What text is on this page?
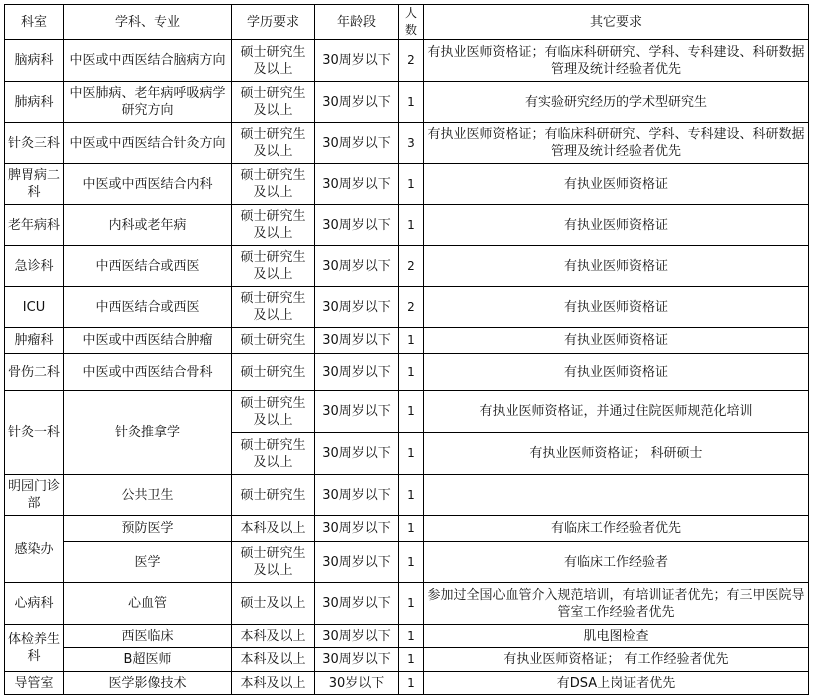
科室	学科、专业	学历要求	年龄段	人数	其它要求
脑病科	中医或中西医结合脑病方向	硕士研究生及以上	30周岁以下	2	有执业医师资格证；有临床科研研究、学科、专科建设、科研数据管理及统计经验者优先
肺病科	中医肺病、老年病呼吸病学研究方向	硕士研究生及以上	30周岁以下	1	有实验研究经历的学术型研究生
针灸三科	中医或中西医结合针灸方向	硕士研究生及以上	30周岁以下	3	有执业医师资格证；有临床科研研究、学科、专科建设、科研数据管理及统计经验者优先
脾胃病二科	中医或中西医结合内科	硕士研究生及以上	30周岁以下	1	有执业医师资格证
老年病科	内科或老年病	硕士研究生及以上	30周岁以下	1	有执业医师资格证
急诊科	中西医结合或西医	硕士研究生及以上	30周岁以下	2	有执业医师资格证
ICU	中西医结合或西医	硕士研究生及以上	30周岁以下	2	有执业医师资格证
肿瘤科	中医或中西医结合肿瘤	硕士研究生	30周岁以下	1	有执业医师资格证
骨伤二科	中医或中西医结合骨科	硕士研究生	30周岁以下	1	有执业医师资格证
针灸一科	针灸推拿学	硕士研究生及以上	30周岁以下	1	有执业医师资格证，并通过住院医师规范化培训
		硕士研究生及以上	30周岁以下	1	有执业医师资格证； 科研硕士
明园门诊部	公共卫生	硕士研究生	30周岁以下	1	
感染办	预防医学	本科及以上	30周岁以下	1	有临床工作经验者优先
	医学	硕士研究生及以上	30周岁以下	1	有临床工作经验者
心病科	心血管	硕士及以上	30周岁以下	1	参加过全国心血管介入规范培训，有培训证者优先；有三甲医院导管室工作经验者优先
体检养生科	西医临床	本科及以上	30周岁以下	1	肌电图检查
	B超医师	本科及以上	30周岁以下	1	有执业医师资格证； 有工作经验者优先
导管室	医学影像技术	本科及以上	30岁以下	1	有DSA上岗证者优先
